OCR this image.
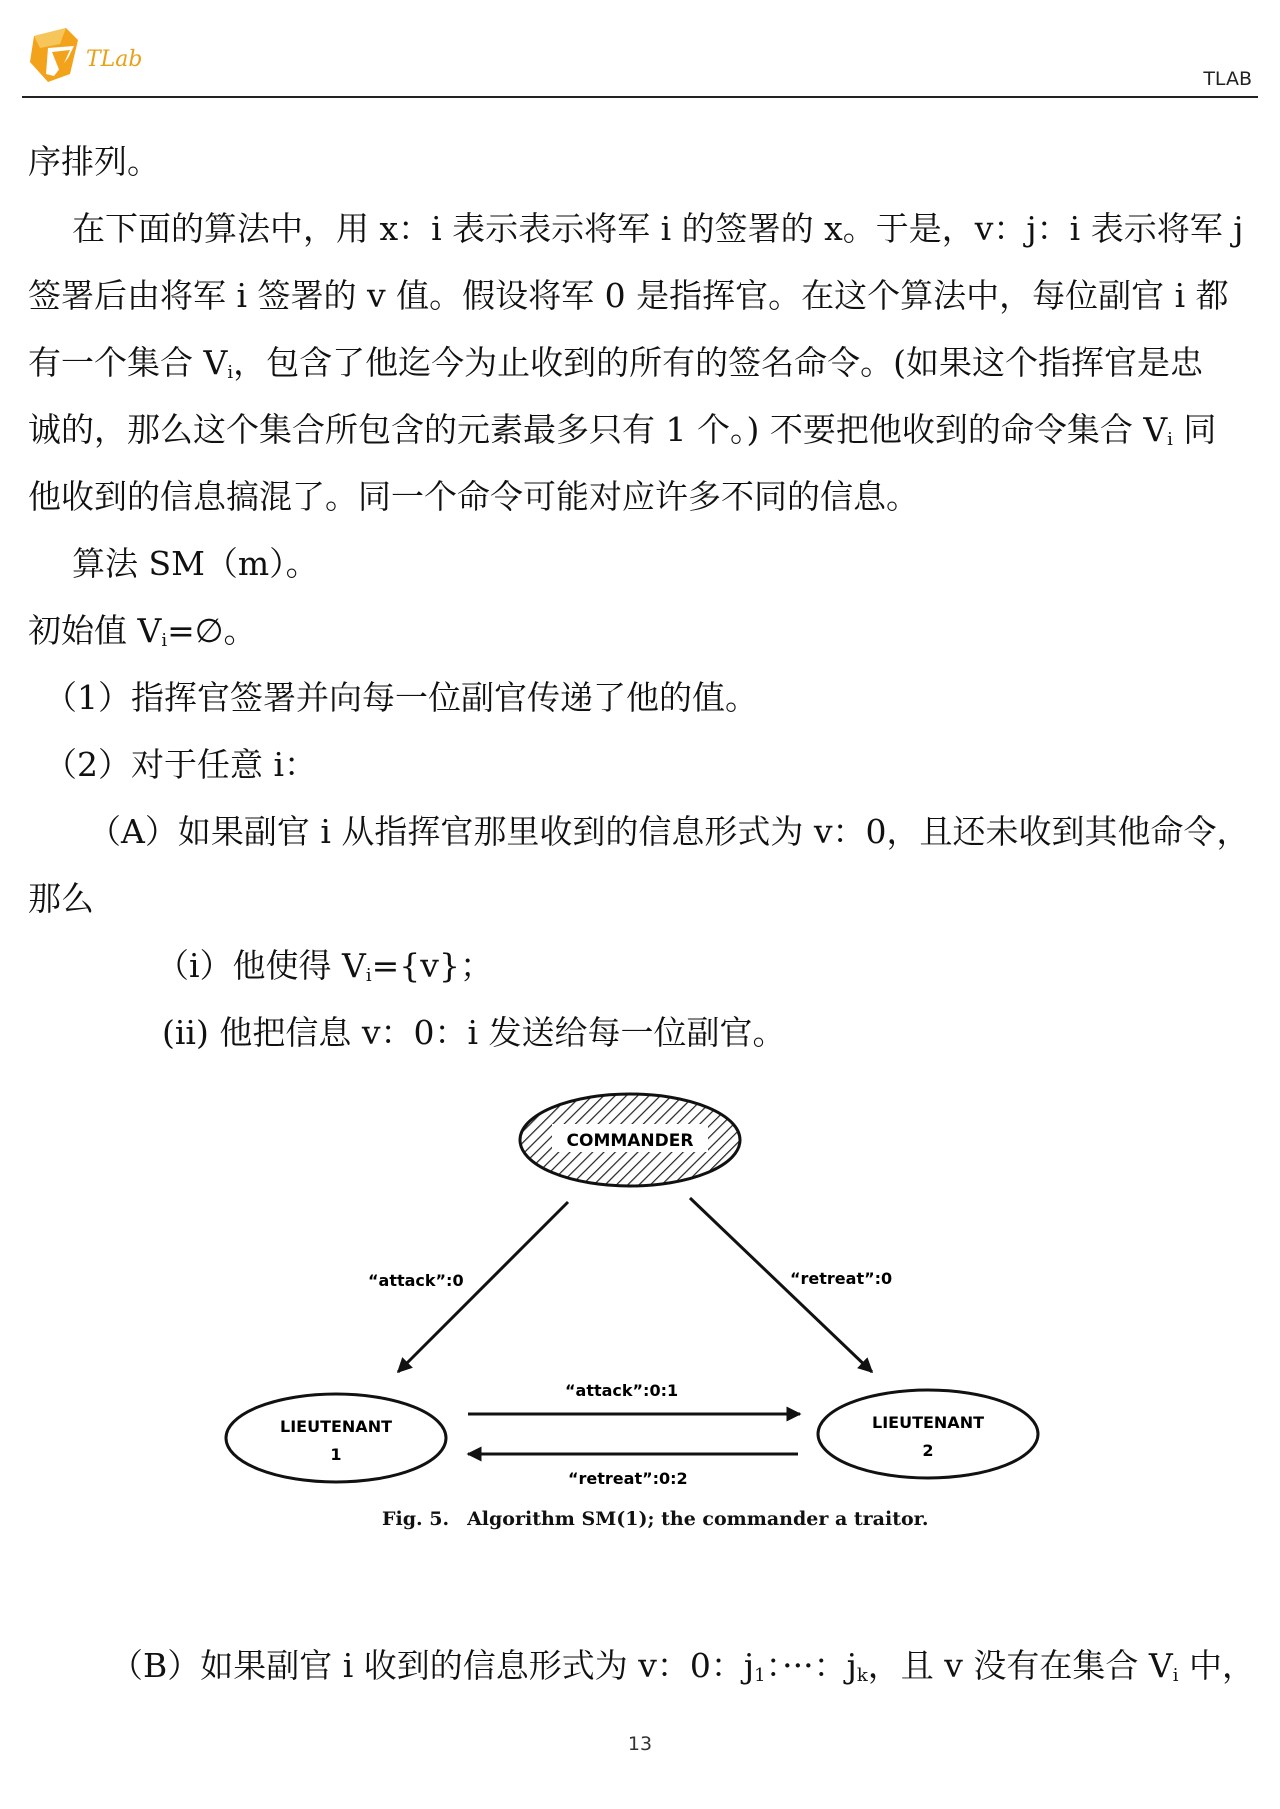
TLab
TLAB

序排列。

在下面的算法中，用 x：i 表示表示将军 i 的签署的 x。于是，v：j：i 表示将军 j

签署后由将军 i 签署的 v 值。假设将军 0 是指挥官。在这个算法中，每位副官 i 都

有一个集合 $V_i$，包含了他迄今为止收到的所有的签名命令。(如果这个指挥官是忠

诚的，那么这个集合所包含的元素最多只有 1 个。) 不要把他收到的命令集合 $V_i$ 同

他收到的信息搞混了。同一个命令可能对应许多不同的信息。

算法 SM（m）。

初始值 $V_i=\emptyset$。

（1）指挥官签署并向每一位副官传递了他的值。

（2）对于任意 i：

（A）如果副官 i 从指挥官那里收到的信息形式为 v：0，且还未收到其他命令，

那么

（i）他使得 $V_i=\{v\}$；

(ii) 他把信息 v：0：i 发送给每一位副官。

COMMANDER
“attack”:0	“retreat”:0
LIEUTENANT
1
LIEUTENANT
2
“attack”:0:1
“retreat”:0:2
Fig. 5. Algorithm SM(1); the commander a traitor.
（B）如果副官 i 收到的信息形式为 v：0：$j_1$：···：$j_k$，且 v 没有在集合 $V_i$ 中，
13
